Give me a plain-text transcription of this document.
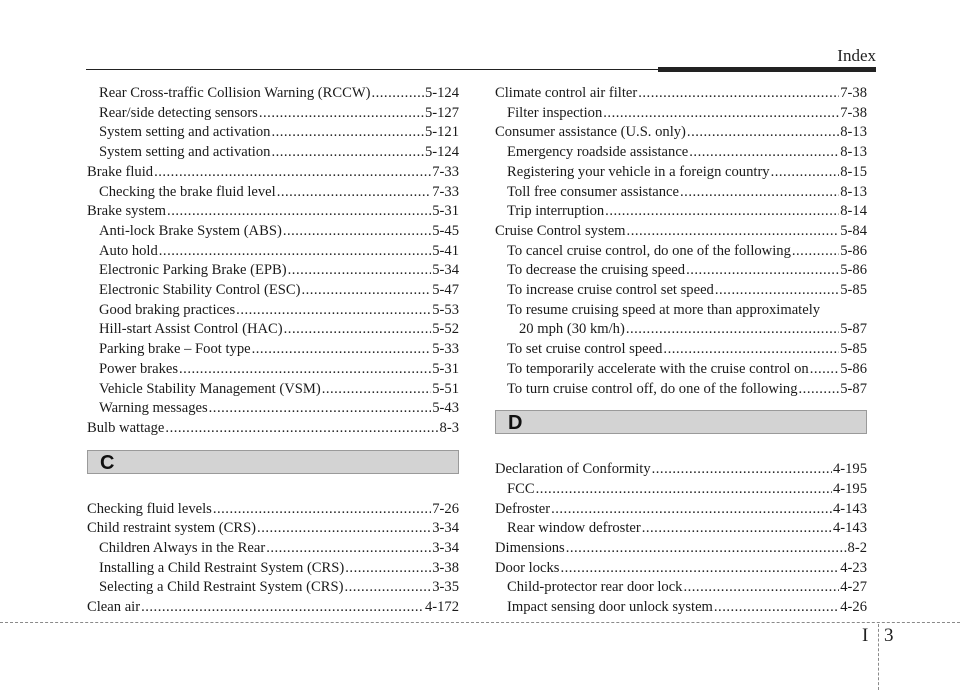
Index
Rear Cross-traffic Collision Warning (RCCW) .....	5-124
Rear/side detecting sensors .....	5-127
System setting and activation .....	5-121
System setting and activation .....	5-124
Brake fluid .....	7-33
Checking the brake fluid level .....	7-33
Brake system .....	5-31
Anti-lock Brake System (ABS) .....	5-45
Auto hold .....	5-41
Electronic Parking Brake (EPB) .....	5-34
Electronic Stability Control (ESC) .....	5-47
Good braking practices .....	5-53
Hill-start Assist Control (HAC) .....	5-52
Parking brake – Foot type .....	5-33
Power brakes .....	5-31
Vehicle Stability Management (VSM) .....	5-51
Warning messages .....	5-43
Bulb wattage .....	8-3
C
Checking fluid levels .....	7-26
Child restraint system (CRS) .....	3-34
Children Always in the Rear .....	3-34
Installing a Child Restraint System (CRS) .....	3-38
Selecting a Child Restraint System (CRS) .....	3-35
Clean air .....	4-172
Climate control air filter .....	7-38
Filter inspection .....	7-38
Consumer assistance (U.S. only) .....	8-13
Emergency roadside assistance .....	8-13
Registering your vehicle in a foreign country .....	8-15
Toll free consumer assistance .....	8-13
Trip interruption .....	8-14
Cruise Control system .....	5-84
To cancel cruise control, do one of the following .....	5-86
To decrease the cruising speed .....	5-86
To increase cruise control set speed .....	5-85
To resume cruising speed at more than approximately
20 mph (30 km/h) .....	5-87
To set cruise control speed .....	5-85
To temporarily accelerate with the cruise control on ..... 5-86
To turn cruise control off, do one of the following .....	5-87
D
Declaration of Conformity .....	4-195
FCC .....	4-195
Defroster .....	4-143
Rear window defroster .....	4-143
Dimensions .....	8-2
Door locks .....	4-23
Child-protector rear door lock .....	4-27
Impact sensing door unlock system .....	4-26
I 3
